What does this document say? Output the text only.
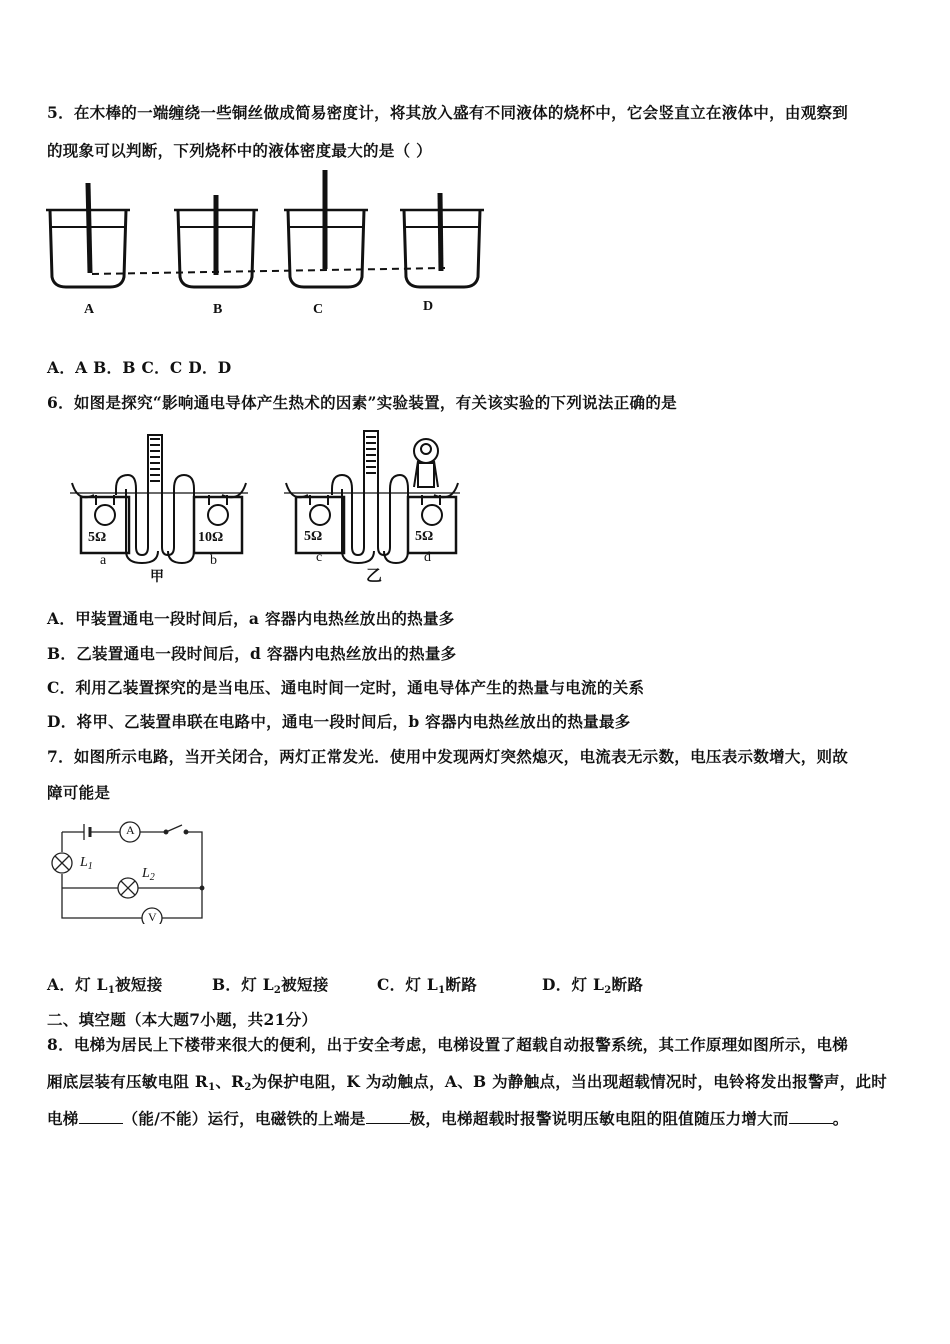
5．在木棒的一端缠绕一些铜丝做成简易密度计，将其放入盛有不同液体的烧杯中，它会竖直立在液体中，由观察到
的现象可以判断，下列烧杯中的液体密度最大的是（ ）
A	B	C	D
A．A B．B C．C D．D
6．如图是探究“影响通电导体产生热术的因素”实验装置，有关该实验的下列说法正确的是
5Ω	10Ω	5Ω	5Ω
a	b	c	d
甲	乙
A．甲装置通电一段时间后，a 容器内电热丝放出的热量多
B．乙装置通电一段时间后，d 容器内电热丝放出的热量多
C．利用乙装置探究的是当电压、通电时间一定时，通电导体产生的热量与电流的关系
D．将甲、乙装置串联在电路中，通电一段时间后，b 容器内电热丝放出的热量最多
7．如图所示电路，当开关闭合，两灯正常发光．使用中发现两灯突然熄灭，电流表无示数，电压表示数增大，则故
障可能是
A
V
$L_1$	$L_2$
A．灯 $L_1$被短接	B．灯 $L_2$被短接	C．灯 $L_1$断路	D．灯 $L_2$断路
二、填空题（本大题7小题，共21分）
8．电梯为居民上下楼带来很大的便利，出于安全考虑，电梯设置了超载自动报警系统，其工作原理如图所示，电梯
厢底层装有压敏电阻 $R_1$、$R_2$为保护电阻，K 为动触点，A、B 为静触点，当出现超载情况时，电铃将发出报警声，此时
电梯	（能/不能）运行，电磁铁的上端是	极，电梯超载时报警说明压敏电阻的阻值随压力增大而	。
